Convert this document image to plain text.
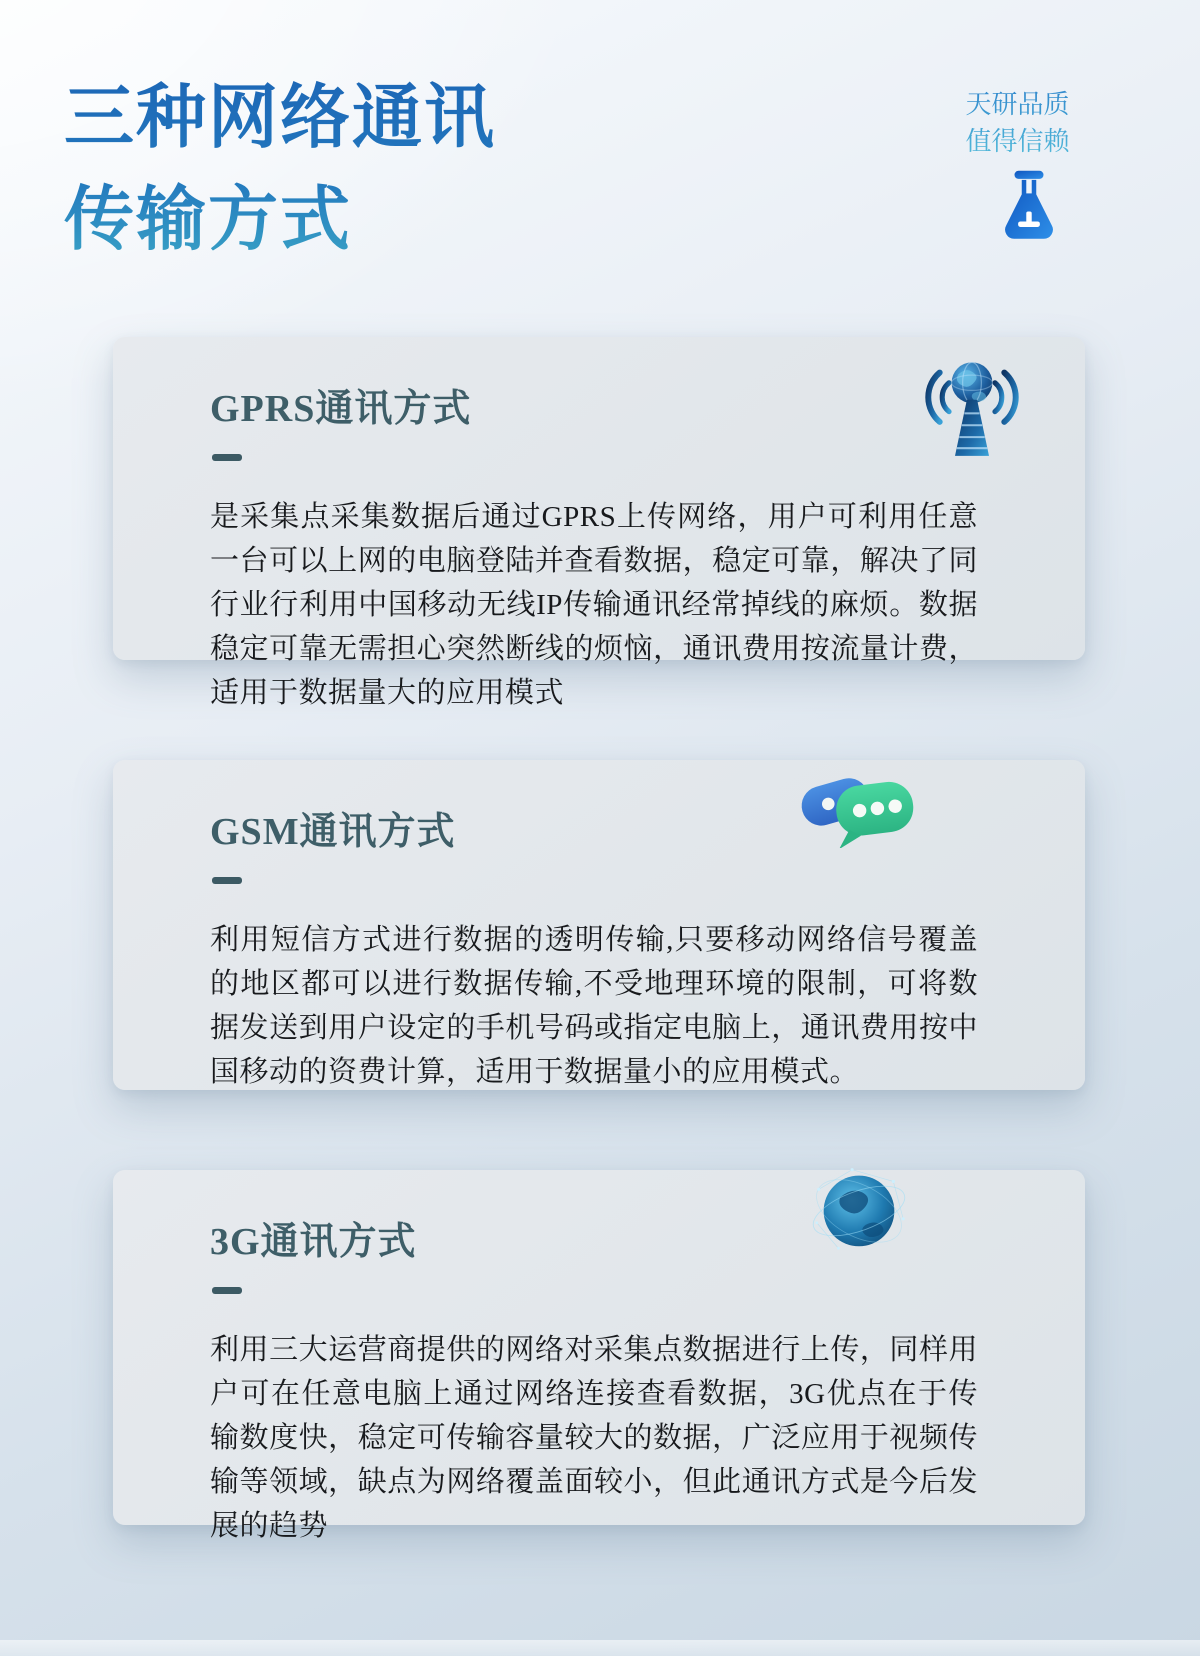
三种网络通讯
传输方式
天研品质
值得信赖
GPRS通讯方式
是采集点采集数据后通过GPRS上传网络，用户可利用任意一台可以上网的电脑登陆并查看数据，稳定可靠，解决了同行业行利用中国移动无线IP传输通讯经常掉线的麻烦。数据稳定可靠无需担心突然断线的烦恼，通讯费用按流量计费，适用于数据量大的应用模式
GSM通讯方式
利用短信方式进行数据的透明传输,只要移动网络信号覆盖的地区都可以进行数据传输,不受地理环境的限制，可将数据发送到用户设定的手机号码或指定电脑上，通讯费用按中国移动的资费计算，适用于数据量小的应用模式。
3G通讯方式
利用三大运营商提供的网络对采集点数据进行上传，同样用户可在任意电脑上通过网络连接查看数据，3G优点在于传输数度快，稳定可传输容量较大的数据，广泛应用于视频传输等领域，缺点为网络覆盖面较小，但此通讯方式是今后发展的趋势
